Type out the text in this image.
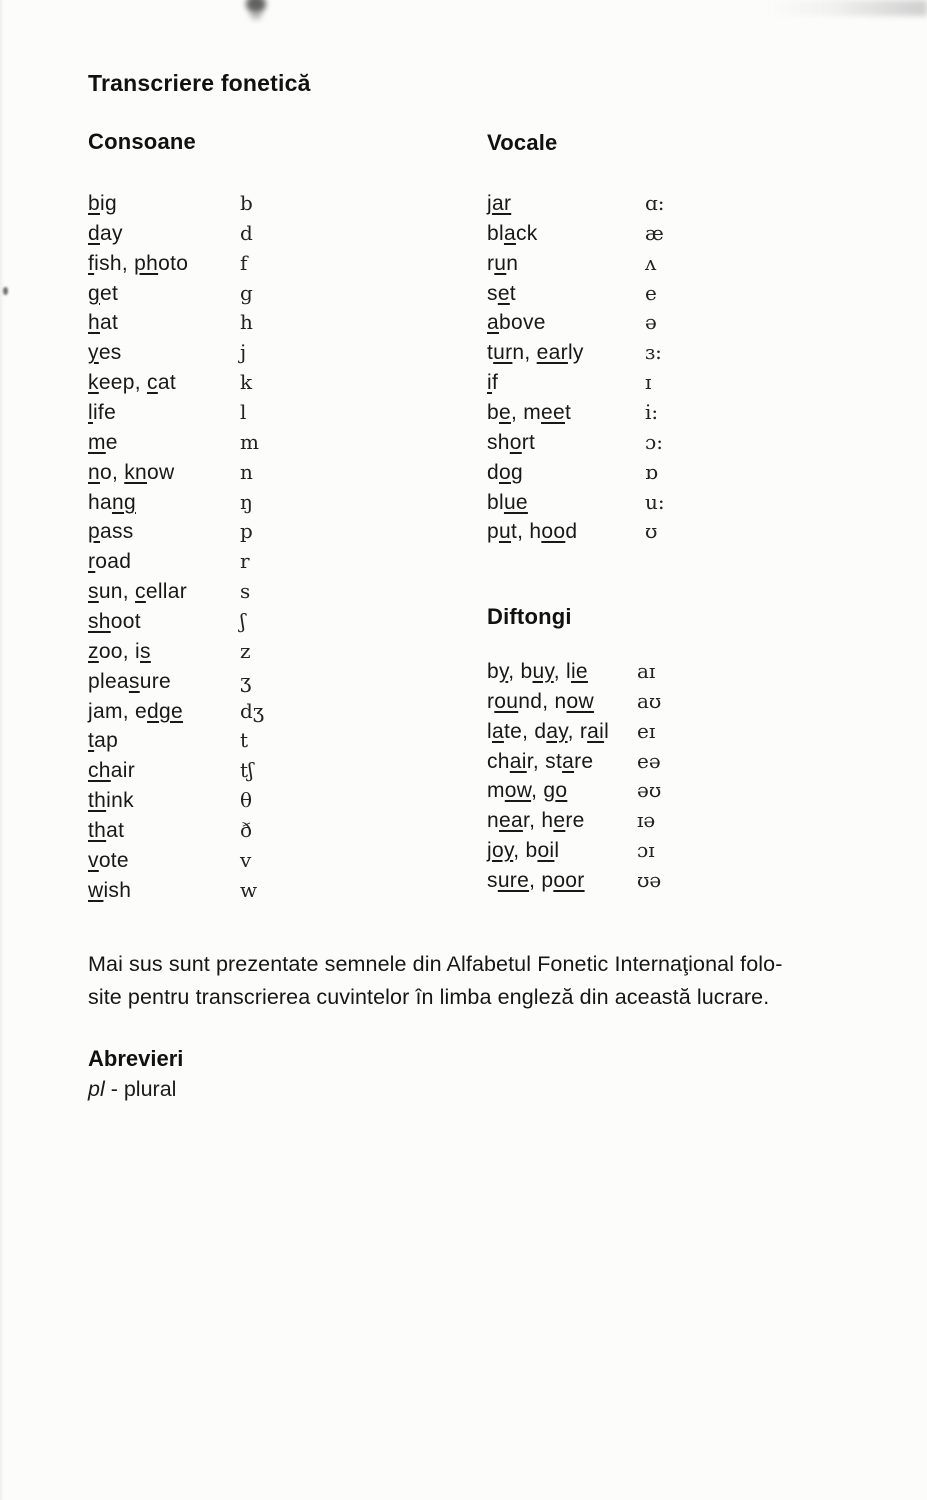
Transcriere fonetică
Consoane	Vocale
Diftongi
big	b
day	d
fish, photo	f
get	g
hat	h
yes	j
keep, cat	k
life	l
me	m
no, know	n
hang	ŋ
pass	p
road	r
sun, cellar	s
shoot	ʃ
zoo, is	z
pleasure	ʒ
jam, edge	dʒ
tap	t
chair	tʃ
think	θ
that	ð
vote	v
wish	w
jar	ɑ:
black	æ
run	ʌ
set	e
above	ə
turn, early	ɜ:
if	ɪ
be, meet	i:
short	ɔ:
dog	ɒ
blue	u:
put, hood	ʊ
by, buy, lie	aɪ
round, now	aʊ
late, day, rail	eɪ
chair, stare	eə
mow, go	əʊ
near, here	ɪə
joy, boil	ɔɪ
sure, poor	ʊə
Mai sus sunt prezentate semnele din Alfabetul Fonetic Internaţional folo-
site pentru transcrierea cuvintelor în limba engleză din această lucrare.
Abrevieri
pl - plural
